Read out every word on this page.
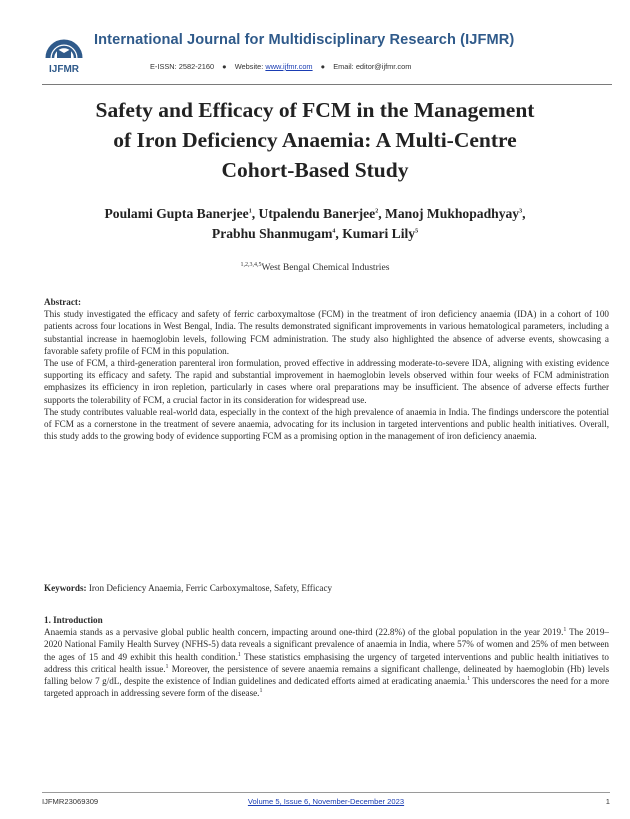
IJFMR
International Journal for Multidisciplinary Research (IJFMR)
E-ISSN: 2582-2160 ● Website: www.ijfmr.com ● Email: editor@ijfmr.com
Safety and Efficacy of FCM in the Management
of Iron Deficiency Anaemia: A Multi-Centre
Cohort-Based Study
Poulami Gupta Banerjee$^1$, Utpalendu Banerjee$^2$, Manoj Mukhopadhyay$^3$,
Prabhu Shanmugam$^4$, Kumari Lily$^5$
$^{1,2,3,4,5}$West Bengal Chemical Industries

Abstract:

This study investigated the efficacy and safety of ferric carboxymaltose (FCM) in the treatment of iron deficiency anaemia (IDA) in a cohort of 100 patients across four locations in West Bengal, India. The results demonstrated significant improvements in various hematological parameters, including a substantial increase in haemoglobin levels, following FCM administration. The study also highlighted the absence of adverse events, showcasing a favorable safety profile of FCM in this population.

The use of FCM, a third-generation parenteral iron formulation, proved effective in addressing moderate-to-severe IDA, aligning with existing evidence supporting its efficacy and safety. The rapid and substantial improvement in haemoglobin levels observed within four weeks of FCM administration emphasizes its efficiency in iron repletion, particularly in cases where oral preparations may be insufficient. The absence of adverse effects further supports the tolerability of FCM, a crucial factor in its consideration for widespread use.

The study contributes valuable real-world data, especially in the context of the high prevalence of anaemia in India. The findings underscore the potential of FCM as a cornerstone in the treatment of severe anaemia, advocating for its inclusion in targeted interventions and public health initiatives. Overall, this study adds to the growing body of evidence supporting FCM as a promising option in the management of iron deficiency anaemia.

Keywords: Iron Deficiency Anaemia, Ferric Carboxymaltose, Safety, Efficacy

1. Introduction

Anaemia stands as a pervasive global public health concern, impacting around one-third (22.8%) of the global population in the year 2019.$^1$ The 2019–2020 National Family Health Survey (NFHS-5) data reveals a significant prevalence of anaemia in India, where 57% of women and 25% of men between the ages of 15 and 49 exhibit this health condition.$^1$ These statistics emphasising the urgency of targeted interventions and public health initiatives to address this critical health issue.$^1$ Moreover, the persistence of severe anaemia remains a significant challenge, delineated by haemoglobin (Hb) levels falling below 7 g/dL, despite the existence of Indian guidelines and dedicated efforts aimed at eradicating anaemia.$^1$ This underscores the need for a more targeted approach in addressing severe form of the disease.$^1$

IJFMR23069309	Volume 5, Issue 6, November-December 2023	1
